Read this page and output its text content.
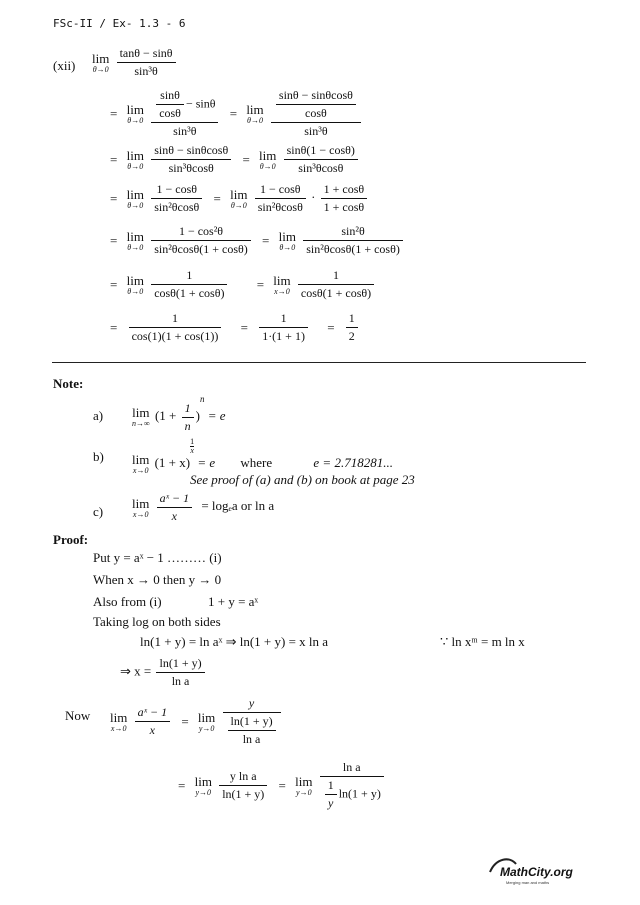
FSc-II / Ex- 1.3 - 6
(xii) lim
θ→0
$\frac{\tan\theta - \sin\theta}{\text{sin³θ}}$
= lim
θ→0
$\frac{\frac{\sin\theta}{\cos\theta} - \sin\theta}{\text{sin³θ}} = \lim$
θ→0
$\frac{\frac{\sin\theta - \sin\theta\cos\theta}{\cos\theta}}{\text{sin³θ}}$
= lim
θ→0
$\frac{\sin\theta - \sin\theta\cos\theta}{\text{sin³θcosθ}} = \lim$
θ→0
$\frac{\sin\theta(1 - \cos\theta)}{\text{sin³θcosθ}}$
= lim
θ→0
$\frac{1 - \cos\theta}{\text{sin²θcosθ}} = \lim$
θ→0
$\frac{1 - \cos\theta}{\text{sin²θcosθ}} \cdot \frac{1 + \cos\theta}{1 + \cos\theta}$
= lim
θ→0
$\frac{\text{1 − cos²θ}}{\text{sin²θcosθ(1 + cosθ)}} = \lim$
θ→0
$\frac{\text{sin²θ}}{\text{sin²θcosθ(1 + cosθ)}}$
= lim
θ→0
$\frac{1}{\cos\theta(1 + \cos\theta)} = \lim$
x→0
$\frac{1}{\cos\theta(1 + \cos\theta)}$
= $\frac{1}{\cos(1)(1 + \cos(1))} = \frac{1}{1\cdot(1 + 1)} = \frac{1}{2}$
Note:
a) lim
n→∞
$(1 + \frac{1}{n} )^n = e$
b) lim
x→0
(1 + x)
$\frac{1}{x}$
= e where	e = 2.718281...
See proof of (a) and (b) on book at page 23
c)
lim
x→0
$\frac{\text{aˣ − 1}}{x} = \log_ea$ or ln a
Proof:
Put y = aˣ − 1 ……… (i)
When x → 0 then y → 0
Also from (i)	1 + y = aˣ
Taking log on both sides
ln(1 + y) = ln aˣ ⇒ ln(1 + y) = x ln a	∵ ln xᵐ = m ln x
⇒ $x = \frac{\ln(1 + y)}{\text{ln a}}$
Now lim
x→0
$\frac{\text{aˣ − 1}}{x} = \lim$
y→0
$\frac{y}{\frac{\ln(1 + y)}{\text{ln a}}}$
= lim
y→0
$\frac{\text{y ln a}}{\ln(1 + y)} = \lim$
y→0
$\frac{\text{ln a}}{\frac{1}{y} \ln(1 + y)}$
MathCity.org
Merging man and maths
